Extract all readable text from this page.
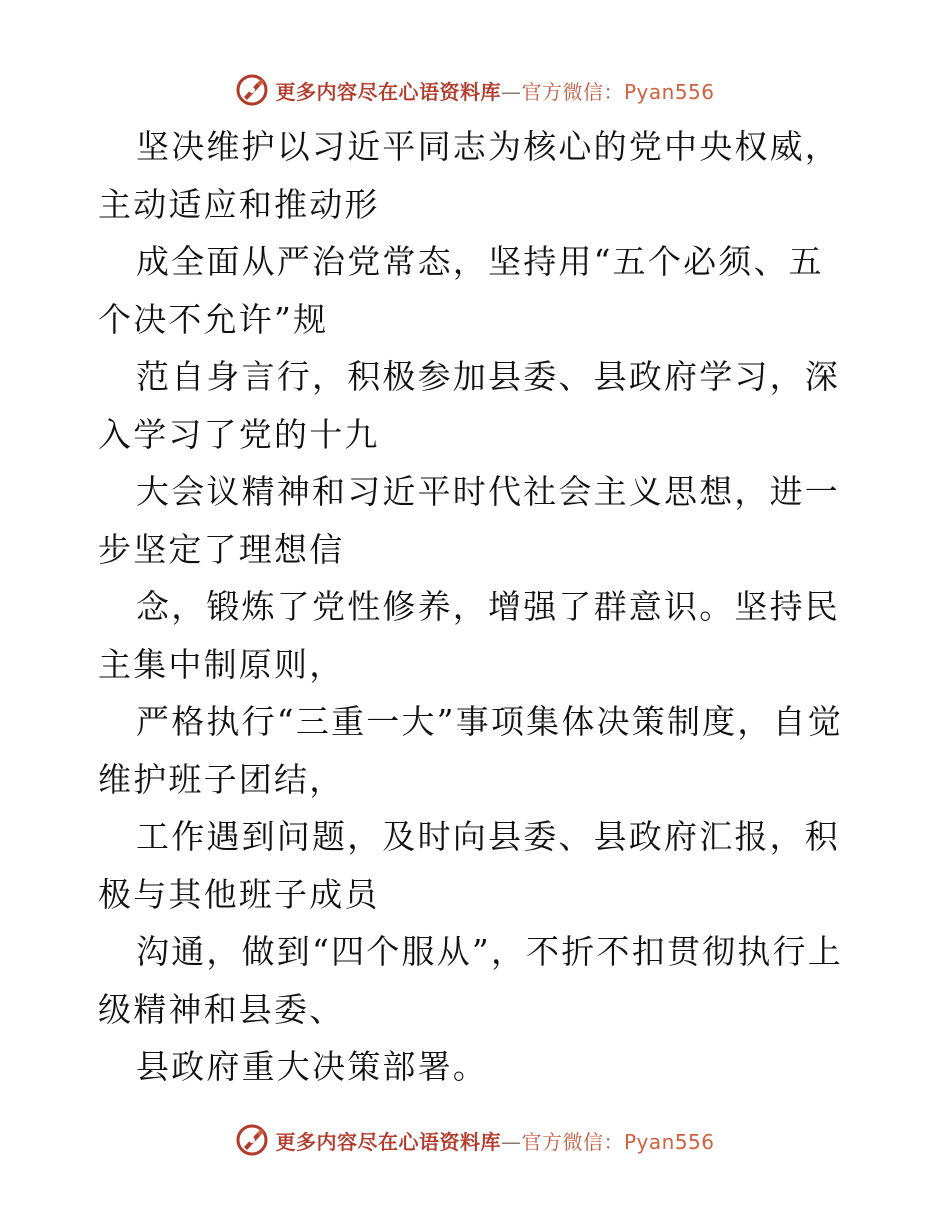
更多内容尽在心语资料库—官方微信：Pyan556

坚决维护以习近平同志为核心的党中央权威，主动适应和推动形

成全面从严治党常态，坚持用“五个必须、五个决不允许”规

范自身言行，积极参加县委、县政府学习，深入学习了党的十九

大会议精神和习近平时代社会主义思想，进一步坚定了理想信

念，锻炼了党性修养，增强了群意识。坚持民主集中制原则，

严格执行“三重一大”事项集体决策制度，自觉维护班子团结，

工作遇到问题，及时向县委、县政府汇报，积极与其他班子成员

沟通，做到“四个服从”，不折不扣贯彻执行上级精神和县委、

县政府重大决策部署。

更多内容尽在心语资料库—官方微信：Pyan556
